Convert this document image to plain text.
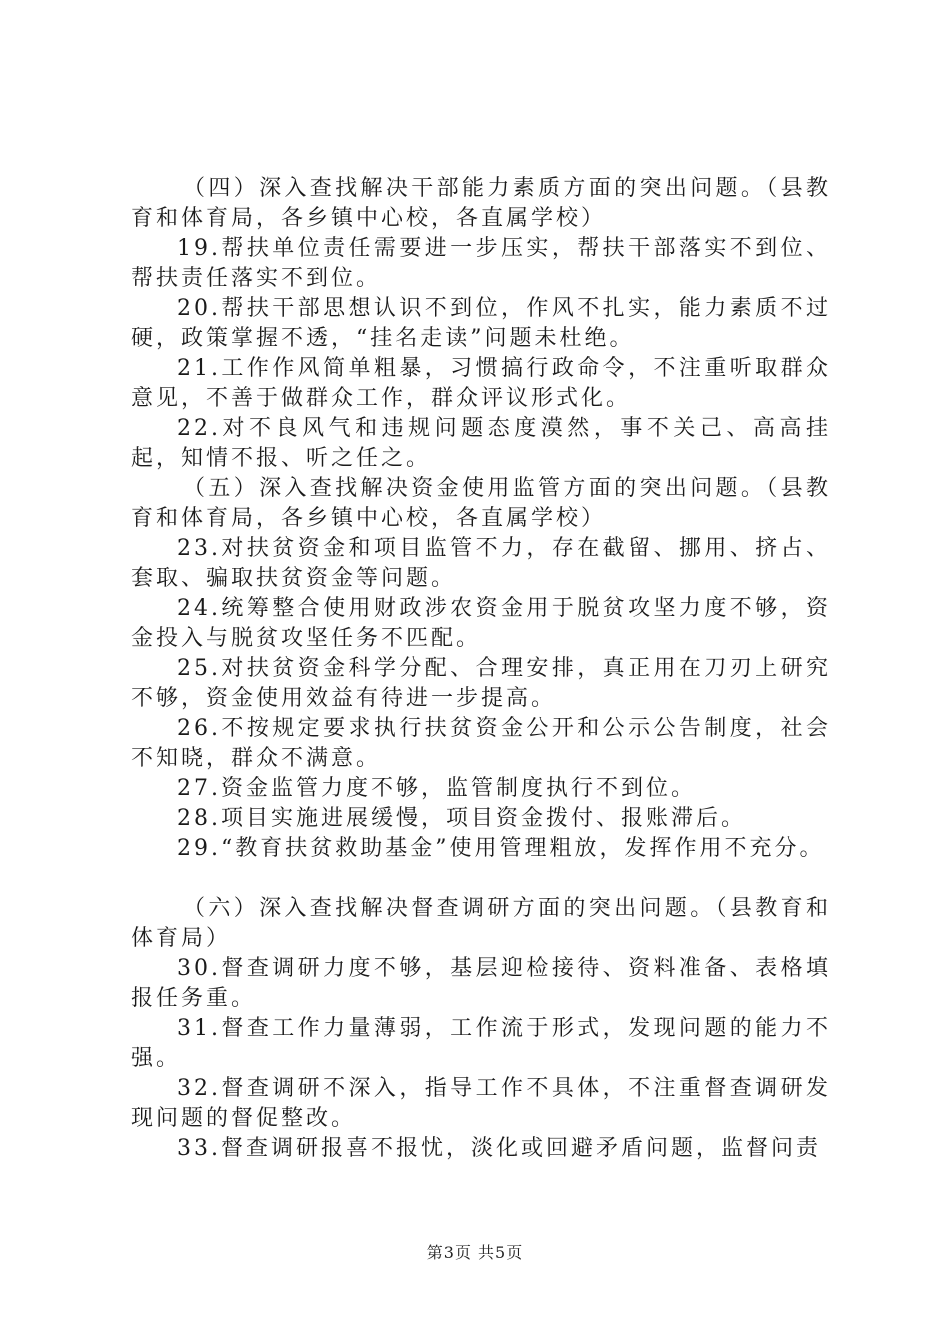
（四）深入查找解决干部能力素质方面的突出问题。（县教育和体育局，各乡镇中心校，各直属学校）

19.帮扶单位责任需要进一步压实，帮扶干部落实不到位、帮扶责任落实不到位。

20.帮扶干部思想认识不到位，作风不扎实，能力素质不过硬，政策掌握不透，“挂名走读”问题未杜绝。

21.工作作风简单粗暴，习惯搞行政命令，不注重听取群众意见，不善于做群众工作，群众评议形式化。

22.对不良风气和违规问题态度漠然，事不关己、高高挂起，知情不报、听之任之。

（五）深入查找解决资金使用监管方面的突出问题。（县教育和体育局，各乡镇中心校，各直属学校）

23.对扶贫资金和项目监管不力，存在截留、挪用、挤占、套取、骗取扶贫资金等问题。

24.统筹整合使用财政涉农资金用于脱贫攻坚力度不够，资金投入与脱贫攻坚任务不匹配。

25.对扶贫资金科学分配、合理安排，真正用在刀刃上研究不够，资金使用效益有待进一步提高。

26.不按规定要求执行扶贫资金公开和公示公告制度，社会不知晓，群众不满意。

27.资金监管力度不够，监管制度执行不到位。

28.项目实施进展缓慢，项目资金拨付、报账滞后。

29.“教育扶贫救助基金”使用管理粗放，发挥作用不充分。

（六）深入查找解决督查调研方面的突出问题。（县教育和体育局）

30.督查调研力度不够，基层迎检接待、资料准备、表格填报任务重。

31.督查工作力量薄弱，工作流于形式，发现问题的能力不强。

32.督查调研不深入，指导工作不具体，不注重督查调研发现问题的督促整改。

33.督查调研报喜不报忧，淡化或回避矛盾问题，监督问责

第3页 共5页
